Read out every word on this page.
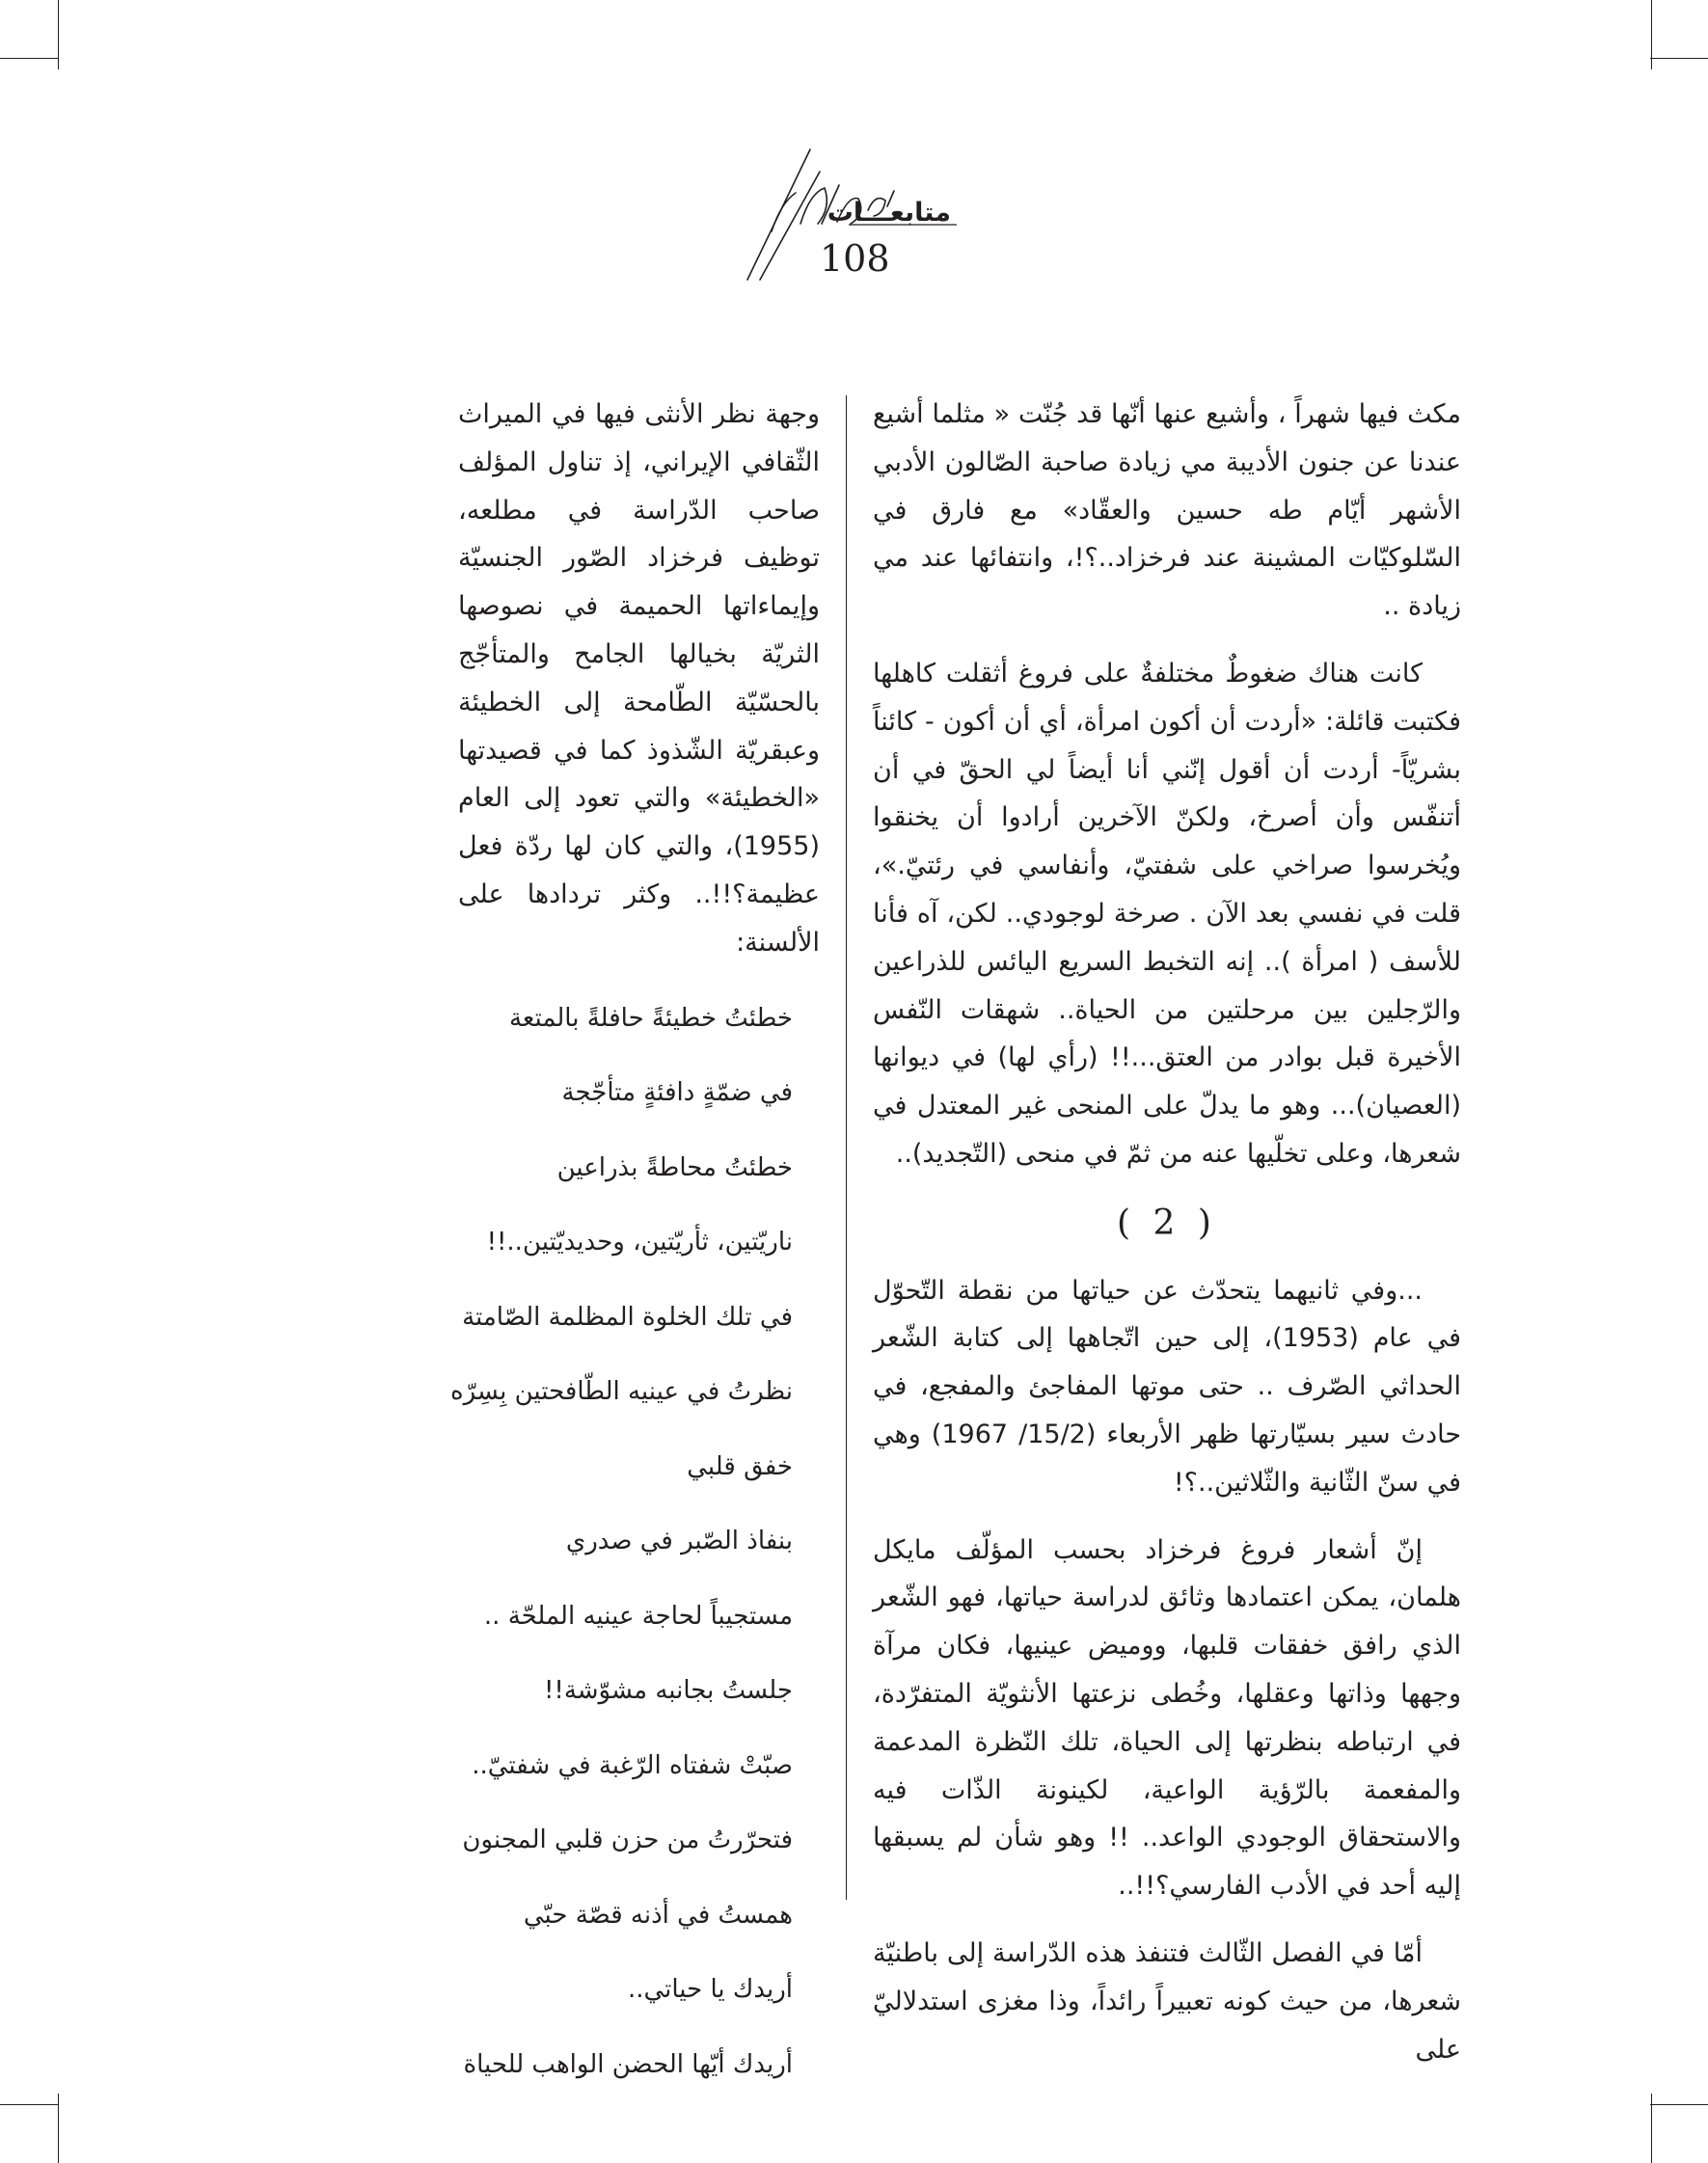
متابعـــات
108

مكث فيها شهراً ، وأشيع عنها أنّها قد جُنّت « مثلما أشيع عندنا عن جنون الأديبة مي زيادة صاحبة الصّالون الأدبي الأشهر أيّام طه حسين والعقّاد» مع فارق في السّلوكيّات المشينة عند فرخزاد..؟!، وانتفائها عند مي زيادة ..

كانت هناك ضغوطٌ مختلفةٌ على فروغ أثقلت كاهلها فكتبت قائلة: «أردت أن أكون امرأة، أي أن أكون - كائناً بشريّاً- أردت أن أقول إنّني أنا أيضاً لي الحقّ في أن أتنفّس وأن أصرخ، ولكنّ الآخرين أرادوا أن يخنقوا ويُخرسوا صراخي على شفتيّ، وأنفاسي في رئتيّ.»، قلت في نفسي بعد الآن . صرخة لوجودي.. لكن، آه فأنا للأسف ( امرأة ).. إنه التخبط السريع اليائس للذراعين والرّجلين بين مرحلتين من الحياة.. شهقات النّفس الأخيرة قبل بوادر من العتق...!! (رأي لها) في ديوانها (العصيان)... وهو ما يدلّ على المنحى غير المعتدل في شعرها، وعلى تخلّيها عنه من ثمّ في منحى (التّجديد)..

( 2 )

...وفي ثانيهما يتحدّث عن حياتها من نقطة التّحوّل في عام (1953)، إلى حين اتّجاهها إلى كتابة الشّعر الحداثي الصّرف .. حتى موتها المفاجئ والمفجع، في حادث سير بسيّارتها ظهر الأربعاء (15/2/ 1967) وهي في سنّ الثّانية والثّلاثين..؟!

إنّ أشعار فروغ فرخزاد بحسب المؤلّف مايكل هلمان، يمكن اعتمادها وثائق لدراسة حياتها، فهو الشّعر الذي رافق خفقات قلبها، ووميض عينيها، فكان مرآة وجهها وذاتها وعقلها، وخُطى نزعتها الأنثويّة المتفرّدة، في ارتباطه بنظرتها إلى الحياة، تلك النّظرة المدعمة والمفعمة بالرّؤية الواعية، لكينونة الذّات فيه والاستحقاق الوجودي الواعد.. !! وهو شأن لم يسبقها إليه أحد في الأدب الفارسي؟!!..

أمّا في الفصل الثّالث فتنفذ هذه الدّراسة إلى باطنيّة شعرها، من حيث كونه تعبيراً رائداً، وذا مغزى استدلاليّ على

وجهة نظر الأنثى فيها في الميراث الثّقافي الإيراني، إذ تناول المؤلف صاحب الدّراسة في مطلعه، توظيف فرخزاد الصّور الجنسيّة وإيماءاتها الحميمة في نصوصها الثريّة بخيالها الجامح والمتأجّج بالحسّيّة الطّامحة إلى الخطيئة وعبقريّة الشّذوذ كما في قصيدتها «الخطيئة» والتي تعود إلى العام (1955)، والتي كان لها ردّة فعل عظيمة؟!!.. وكثر تردادها على الألسنة:

خطئتُ خطيئةً حافلةً بالمتعة
في ضمّةٍ دافئةٍ متأجّجة
خطئتُ محاطةً بذراعين
ناريّتين، ثأريّتين، وحديديّتين..!!
في تلك الخلوة المظلمة الصّامتة
نظرتُ في عينيه الطّافحتين بِسِرّه
خفق قلبي
بنفاذ الصّبر في صدري
مستجيباً لحاجة عينيه الملحّة ..
جلستُ بجانبه مشوّشة!!
صبّتْ شفتاه الرّغبة في شفتيّ..
فتحرّرتُ من حزن قلبي المجنون
همستُ في أذنه قصّة حبّي
أريدك يا حياتي..
أريدك أيّها الحضن الواهب للحياة
